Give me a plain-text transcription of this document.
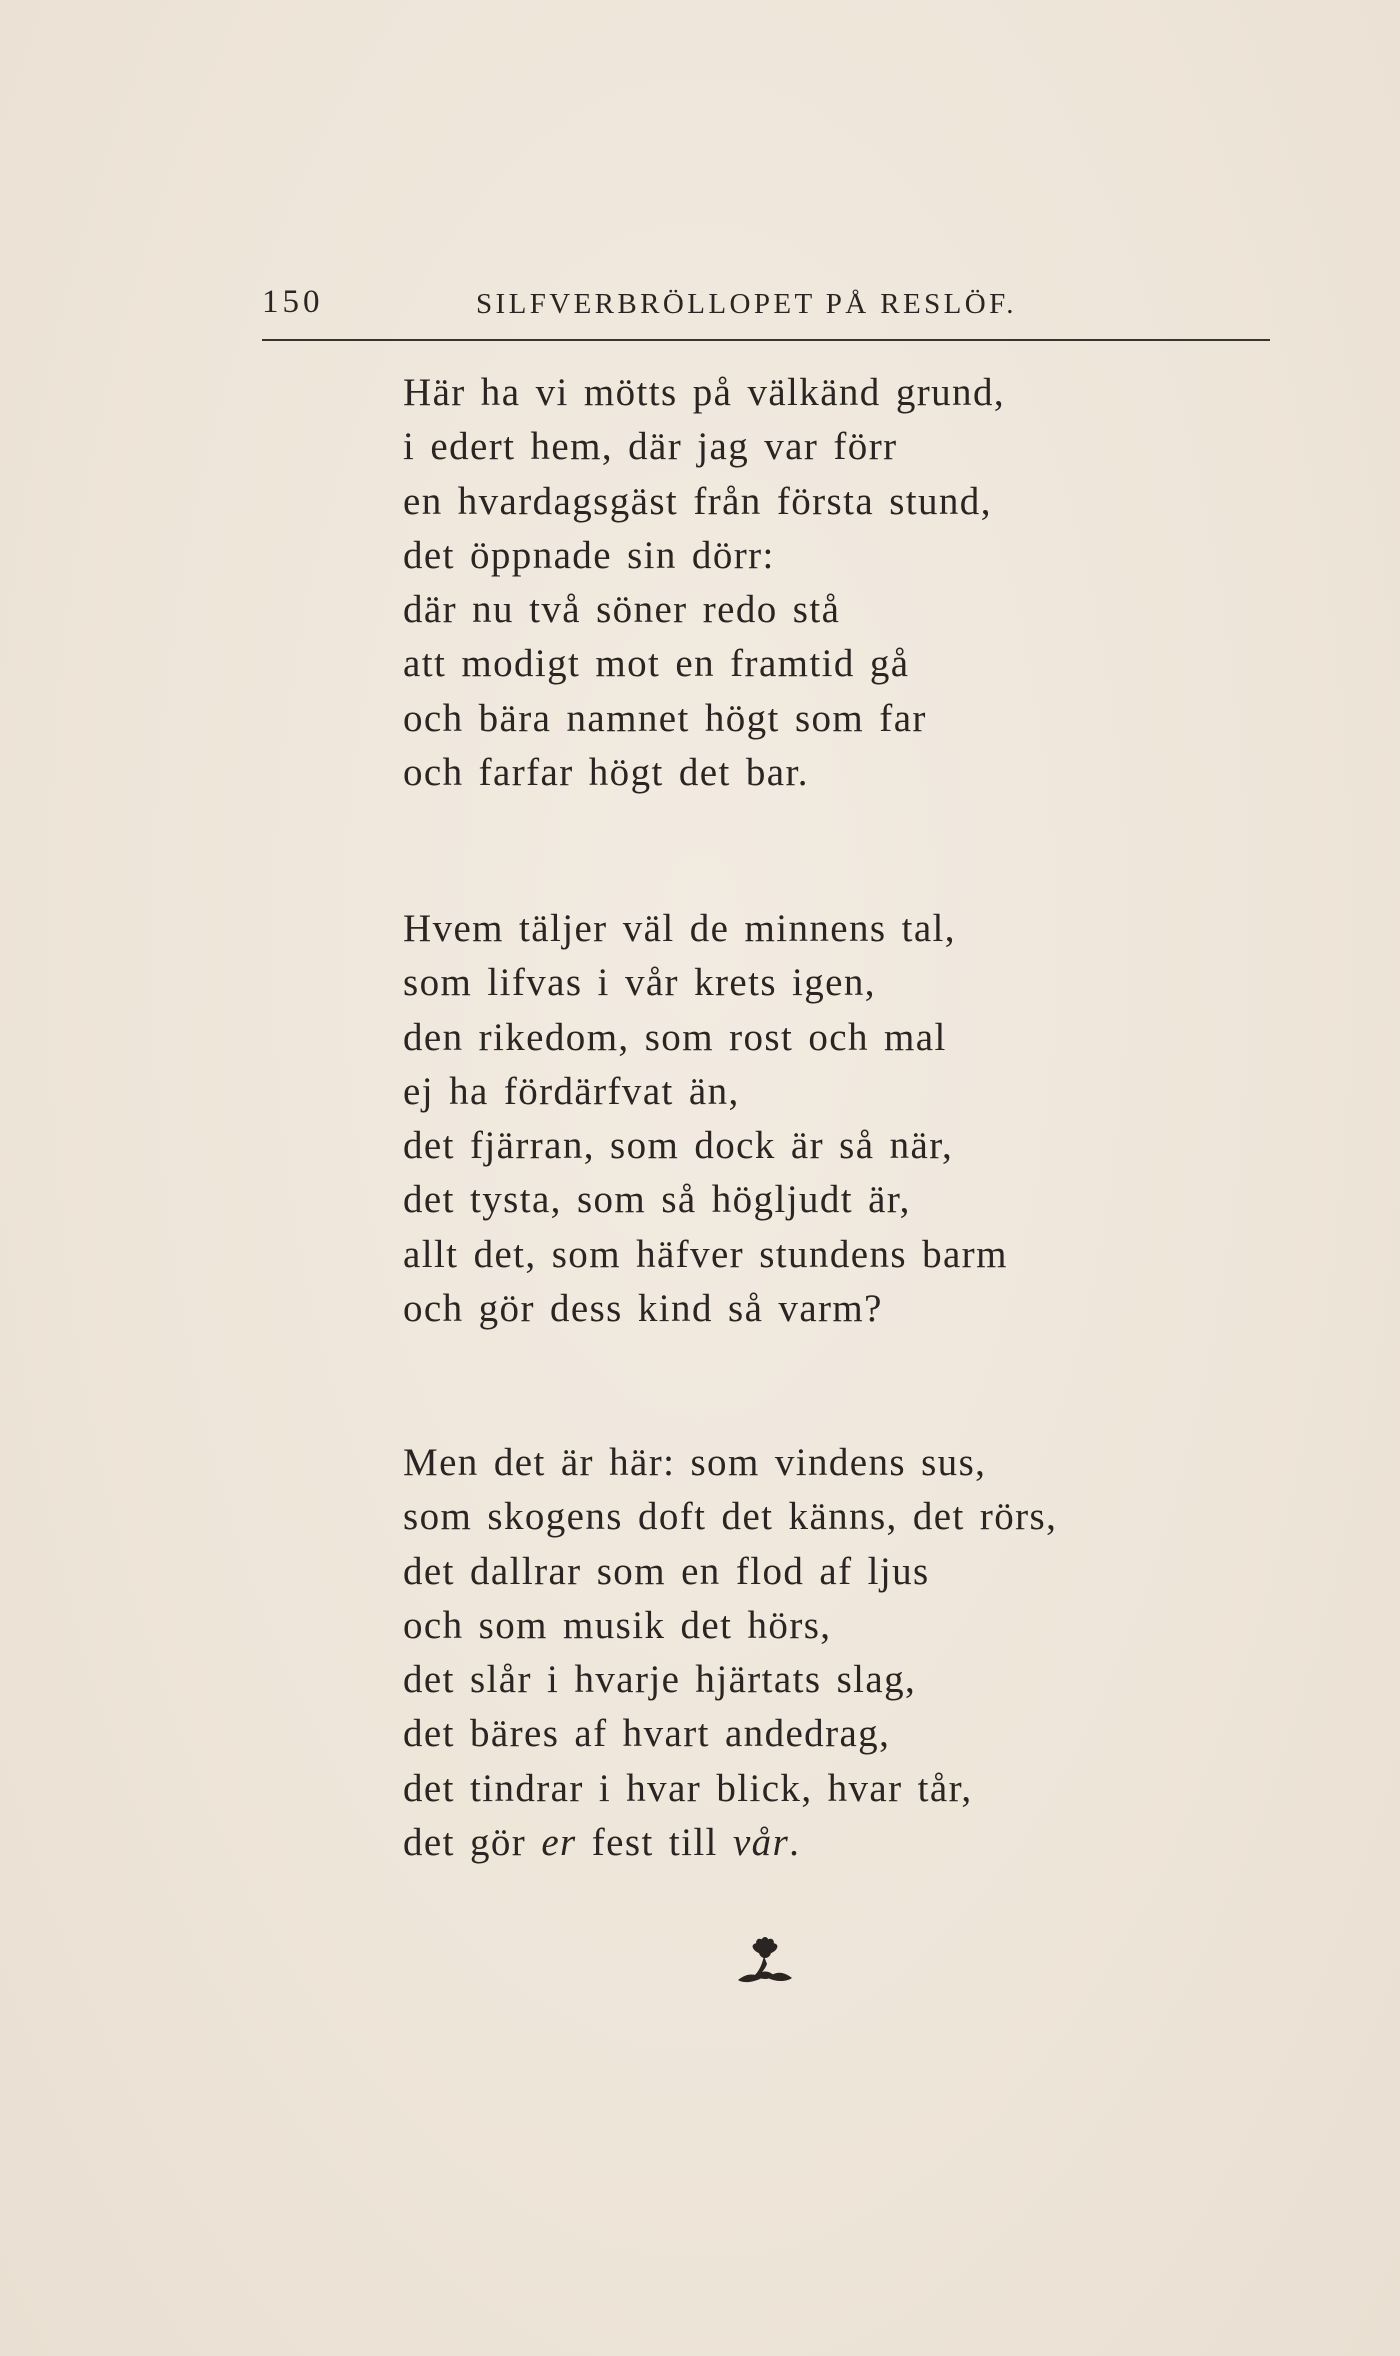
150	SILFVERBRÖLLOPET PÅ RESLÖF.
Här ha vi mötts på välkänd grund,
i edert hem, där jag var förr
en hvardagsgäst från första stund,
det öppnade sin dörr:
där nu två söner redo stå
att modigt mot en framtid gå
och bära namnet högt som far
och farfar högt det bar.
Hvem täljer väl de minnens tal,
som lifvas i vår krets igen,
den rikedom, som rost och mal
ej ha fördärfvat än,
det fjärran, som dock är så när,
det tysta, som så högljudt är,
allt det, som häfver stundens barm
och gör dess kind så varm?
Men det är här: som vindens sus,
som skogens doft det känns, det rörs,
det dallrar som en flod af ljus
och som musik det hörs,
det slår i hvarje hjärtats slag,
det bäres af hvart andedrag,
det tindrar i hvar blick, hvar tår,
det gör er fest till vår.
